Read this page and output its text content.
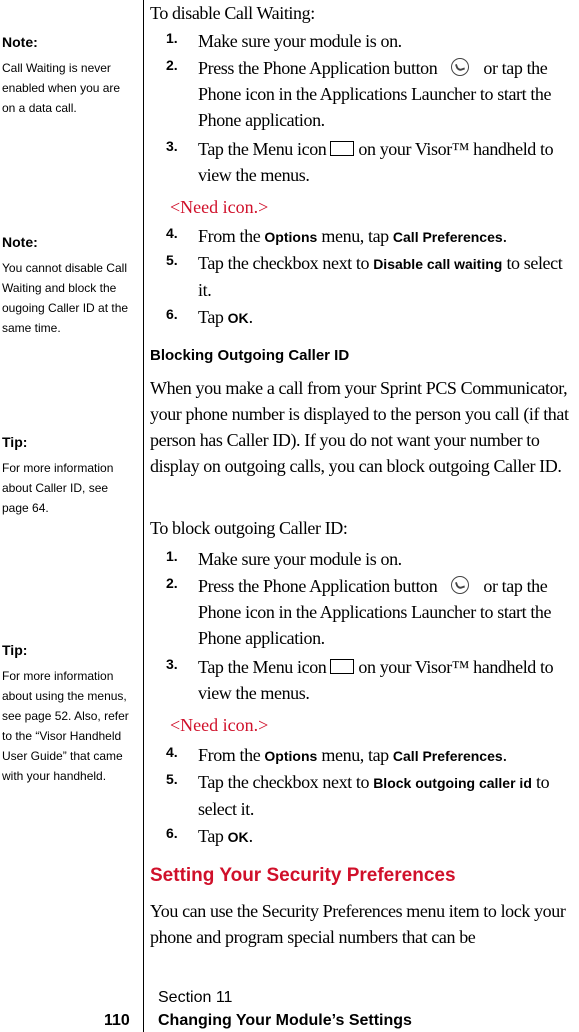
Note:

Call Waiting is never enabled when you are on a data call.

Note:

You cannot disable Call Waiting and block the ougoing Caller ID at the same time.

Tip:

For more information about Caller ID, see page 64.

Tip:

For more information about using the menus, see page 52. Also, refer to the “Visor Handheld User Guide” that came with your handheld.

To disable Call Waiting:

1. Make sure your module is on.
2. Press the Phone Application button	or tap the Phone icon in the Applications Launcher to start the Phone application.
3. Tap the Menu icon on your Visor™ handheld to view the menus.
<Need icon.>
4. From the Options menu, tap Call Preferences.
5. Tap the checkbox next to Disable call waiting to select it.
6. Tap OK.
Blocking Outgoing Caller ID

When you make a call from your Sprint PCS Communicator, your phone number is displayed to the person you call (if that person has Caller ID). If you do not want your number to display on outgoing calls, you can block outgoing Caller ID.

To block outgoing Caller ID:

1. Make sure your module is on.
2. Press the Phone Application button	or tap the Phone icon in the Applications Launcher to start the Phone application.
3. Tap the Menu icon on your Visor™ handheld to view the menus.
<Need icon.>
4. From the Options menu, tap Call Preferences.
5. Tap the checkbox next to Block outgoing caller id to select it.
6. Tap OK.
Setting Your Security Preferences

You can use the Security Preferences menu item to lock your phone and program special numbers that can be

Section 11
110 Changing Your Module’s Settings
